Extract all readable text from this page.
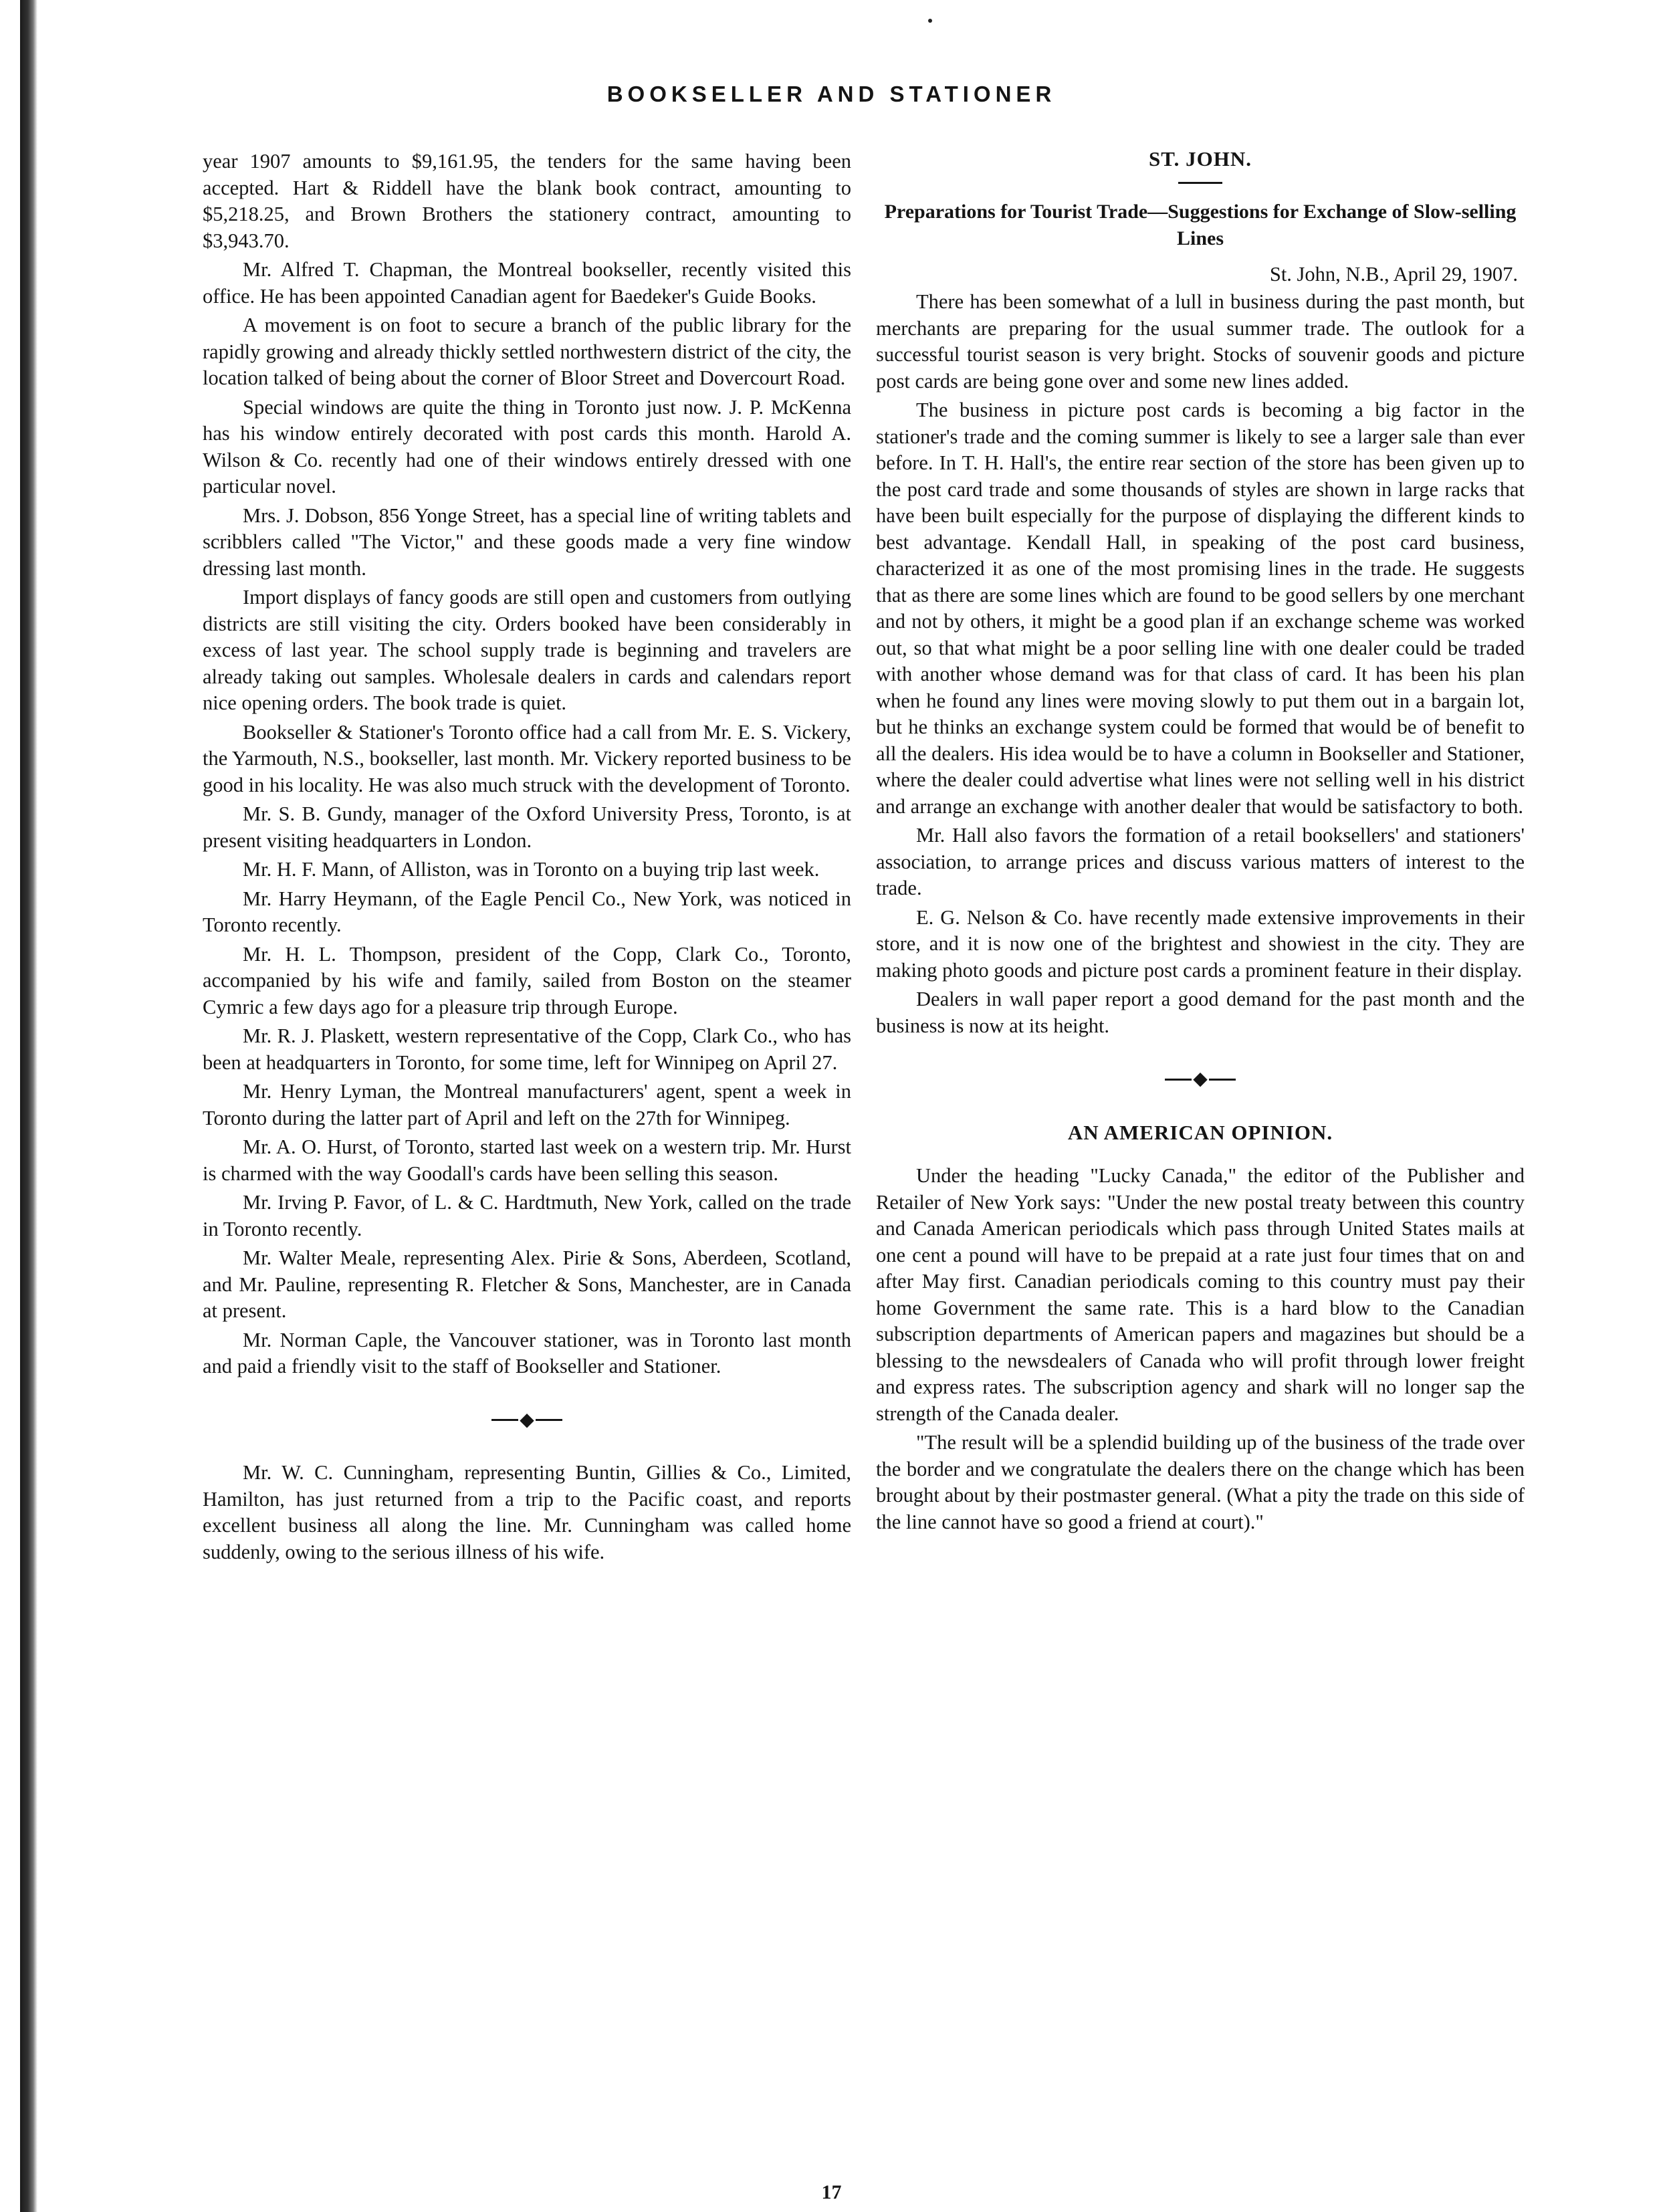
BOOKSELLER AND STATIONER

year 1907 amounts to $9,161.95, the tenders for the same having been accepted. Hart & Riddell have the blank book contract, amounting to $5,218.25, and Brown Brothers the stationery contract, amounting to $3,943.70.

Mr. Alfred T. Chapman, the Montreal bookseller, recently visited this office. He has been appointed Canadian agent for Baedeker's Guide Books.

A movement is on foot to secure a branch of the public library for the rapidly growing and already thickly settled northwestern district of the city, the location talked of being about the corner of Bloor Street and Dovercourt Road.

Special windows are quite the thing in Toronto just now. J. P. McKenna has his window entirely decorated with post cards this month. Harold A. Wilson & Co. recently had one of their windows entirely dressed with one particular novel.

Mrs. J. Dobson, 856 Yonge Street, has a special line of writing tablets and scribblers called "The Victor," and these goods made a very fine window dressing last month.

Import displays of fancy goods are still open and customers from outlying districts are still visiting the city. Orders booked have been considerably in excess of last year. The school supply trade is beginning and travelers are already taking out samples. Wholesale dealers in cards and calendars report nice opening orders. The book trade is quiet.

Bookseller & Stationer's Toronto office had a call from Mr. E. S. Vickery, the Yarmouth, N.S., bookseller, last month. Mr. Vickery reported business to be good in his locality. He was also much struck with the development of Toronto.

Mr. S. B. Gundy, manager of the Oxford University Press, Toronto, is at present visiting headquarters in London.

Mr. H. F. Mann, of Alliston, was in Toronto on a buying trip last week.

Mr. Harry Heymann, of the Eagle Pencil Co., New York, was noticed in Toronto recently.

Mr. H. L. Thompson, president of the Copp, Clark Co., Toronto, accompanied by his wife and family, sailed from Boston on the steamer Cymric a few days ago for a pleasure trip through Europe.

Mr. R. J. Plaskett, western representative of the Copp, Clark Co., who has been at headquarters in Toronto, for some time, left for Winnipeg on April 27.

Mr. Henry Lyman, the Montreal manufacturers' agent, spent a week in Toronto during the latter part of April and left on the 27th for Winnipeg.

Mr. A. O. Hurst, of Toronto, started last week on a western trip. Mr. Hurst is charmed with the way Goodall's cards have been selling this season.

Mr. Irving P. Favor, of L. & C. Hardtmuth, New York, called on the trade in Toronto recently.

Mr. Walter Meale, representing Alex. Pirie & Sons, Aberdeen, Scotland, and Mr. Pauline, representing R. Fletcher & Sons, Manchester, are in Canada at present.

Mr. Norman Caple, the Vancouver stationer, was in Toronto last month and paid a friendly visit to the staff of Bookseller and Stationer.

◆

Mr. W. C. Cunningham, representing Buntin, Gillies & Co., Limited, Hamilton, has just returned from a trip to the Pacific coast, and reports excellent business all along the line. Mr. Cunningham was called home suddenly, owing to the serious illness of his wife.

ST. JOHN.
Preparations for Tourist Trade—Suggestions for Exchange of Slow-selling Lines
St. John, N.B., April 29, 1907.

There has been somewhat of a lull in business during the past month, but merchants are preparing for the usual summer trade. The outlook for a successful tourist season is very bright. Stocks of souvenir goods and picture post cards are being gone over and some new lines added.

The business in picture post cards is becoming a big factor in the stationer's trade and the coming summer is likely to see a larger sale than ever before. In T. H. Hall's, the entire rear section of the store has been given up to the post card trade and some thousands of styles are shown in large racks that have been built especially for the purpose of displaying the different kinds to best advantage. Kendall Hall, in speaking of the post card business, characterized it as one of the most promising lines in the trade. He suggests that as there are some lines which are found to be good sellers by one merchant and not by others, it might be a good plan if an exchange scheme was worked out, so that what might be a poor selling line with one dealer could be traded with another whose demand was for that class of card. It has been his plan when he found any lines were moving slowly to put them out in a bargain lot, but he thinks an exchange system could be formed that would be of benefit to all the dealers. His idea would be to have a column in Bookseller and Stationer, where the dealer could advertise what lines were not selling well in his district and arrange an exchange with another dealer that would be satisfactory to both.

Mr. Hall also favors the formation of a retail booksellers' and stationers' association, to arrange prices and discuss various matters of interest to the trade.

E. G. Nelson & Co. have recently made extensive improvements in their store, and it is now one of the brightest and showiest in the city. They are making photo goods and picture post cards a prominent feature in their display.

Dealers in wall paper report a good demand for the past month and the business is now at its height.

◆
AN AMERICAN OPINION.

Under the heading "Lucky Canada," the editor of the Publisher and Retailer of New York says: "Under the new postal treaty between this country and Canada American periodicals which pass through United States mails at one cent a pound will have to be prepaid at a rate just four times that on and after May first. Canadian periodicals coming to this country must pay their home Government the same rate. This is a hard blow to the Canadian subscription departments of American papers and magazines but should be a blessing to the newsdealers of Canada who will profit through lower freight and express rates. The subscription agency and shark will no longer sap the strength of the Canada dealer.

"The result will be a splendid building up of the business of the trade over the border and we congratulate the dealers there on the change which has been brought about by their postmaster general. (What a pity the trade on this side of the line cannot have so good a friend at court)."

17
